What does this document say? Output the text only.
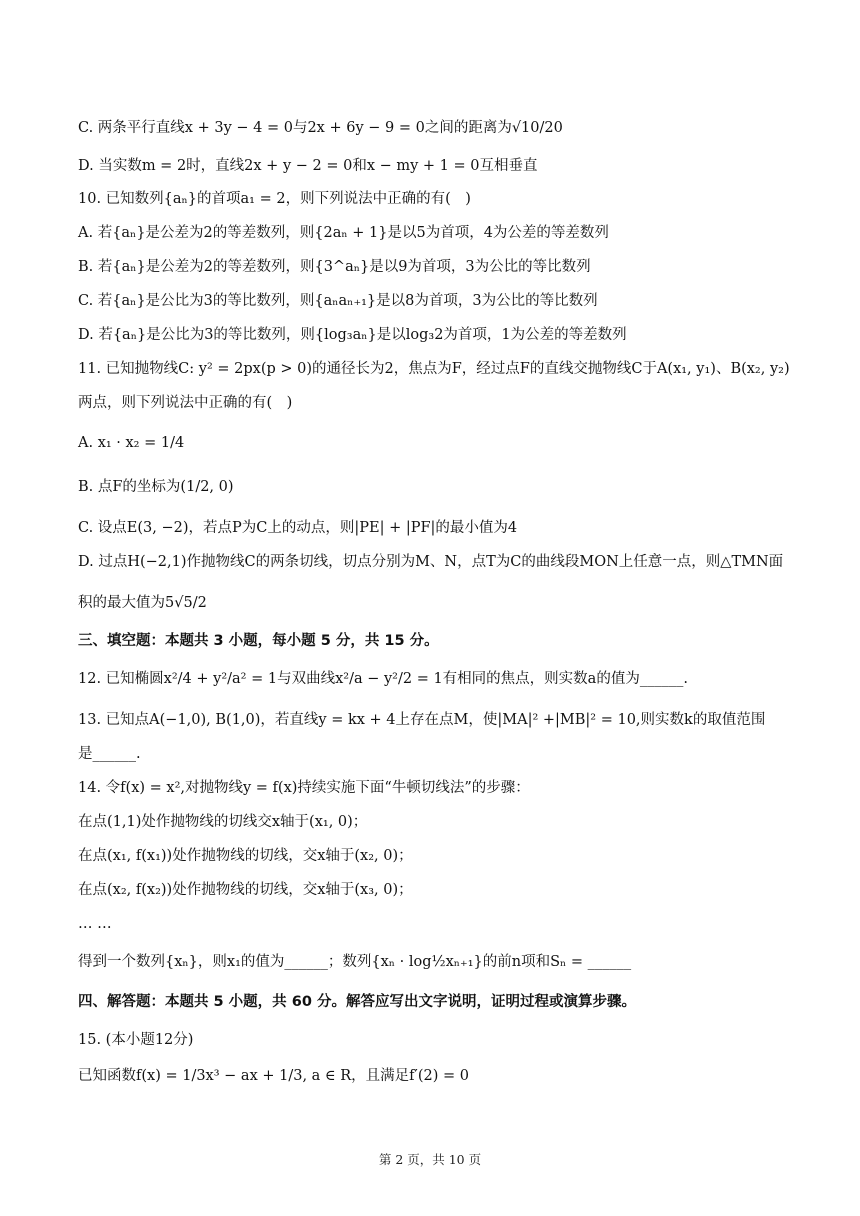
C. 两条平行直线x + 3y − 4 = 0与2x + 6y − 9 = 0之间的距离为√10/20
D. 当实数m = 2时，直线2x + y − 2 = 0和x − my + 1 = 0互相垂直
10. 已知数列{aₙ}的首项a₁ = 2，则下列说法中正确的有(　)
A. 若{aₙ}是公差为2的等差数列，则{2aₙ + 1}是以5为首项，4为公差的等差数列
B. 若{aₙ}是公差为2的等差数列，则{3^aₙ}是以9为首项，3为公比的等比数列
C. 若{aₙ}是公比为3的等比数列，则{aₙaₙ₊₁}是以8为首项，3为公比的等比数列
D. 若{aₙ}是公比为3的等比数列，则{log₃aₙ}是以log₃2为首项，1为公差的等差数列
11. 已知抛物线C: y² = 2px(p > 0)的通径长为2，焦点为F，经过点F的直线交抛物线C于A(x₁, y₁)、B(x₂, y₂)
两点，则下列说法中正确的有(　)
A. x₁ · x₂ = 1/4
B. 点F的坐标为(1/2, 0)
C. 设点E(3, −2)，若点P为C上的动点，则|PE| + |PF|的最小值为4
D. 过点H(−2,1)作抛物线C的两条切线，切点分别为M、N，点T为C的曲线段MON上任意一点，则△TMN面
积的最大值为5√5/2
三、填空题：本题共 3 小题，每小题 5 分，共 15 分。
12. 已知椭圆x²/4 + y²/a² = 1与双曲线x²/a − y²/2 = 1有相同的焦点，则实数a的值为______.
13. 已知点A(−1,0), B(1,0)，若直线y = kx + 4上存在点M，使|MA|² +|MB|² = 10,则实数k的取值范围
是______.
14. 令f(x) = x²,对抛物线y = f(x)持续实施下面“牛顿切线法”的步骤：
在点(1,1)处作抛物线的切线交x轴于(x₁, 0)；
在点(x₁, f(x₁))处作抛物线的切线，交x轴于(x₂, 0)；
在点(x₂, f(x₂))处作抛物线的切线，交x轴于(x₃, 0)；
… …
得到一个数列{xₙ}，则x₁的值为______；数列{xₙ · log½xₙ₊₁}的前n项和Sₙ = ______
四、解答题：本题共 5 小题，共 60 分。解答应写出文字说明，证明过程或演算步骤。
15. (本小题12分)
已知函数f(x) = 1/3x³ − ax + 1/3, a ∈ R，且满足f′(2) = 0
第 2 页，共 10 页
